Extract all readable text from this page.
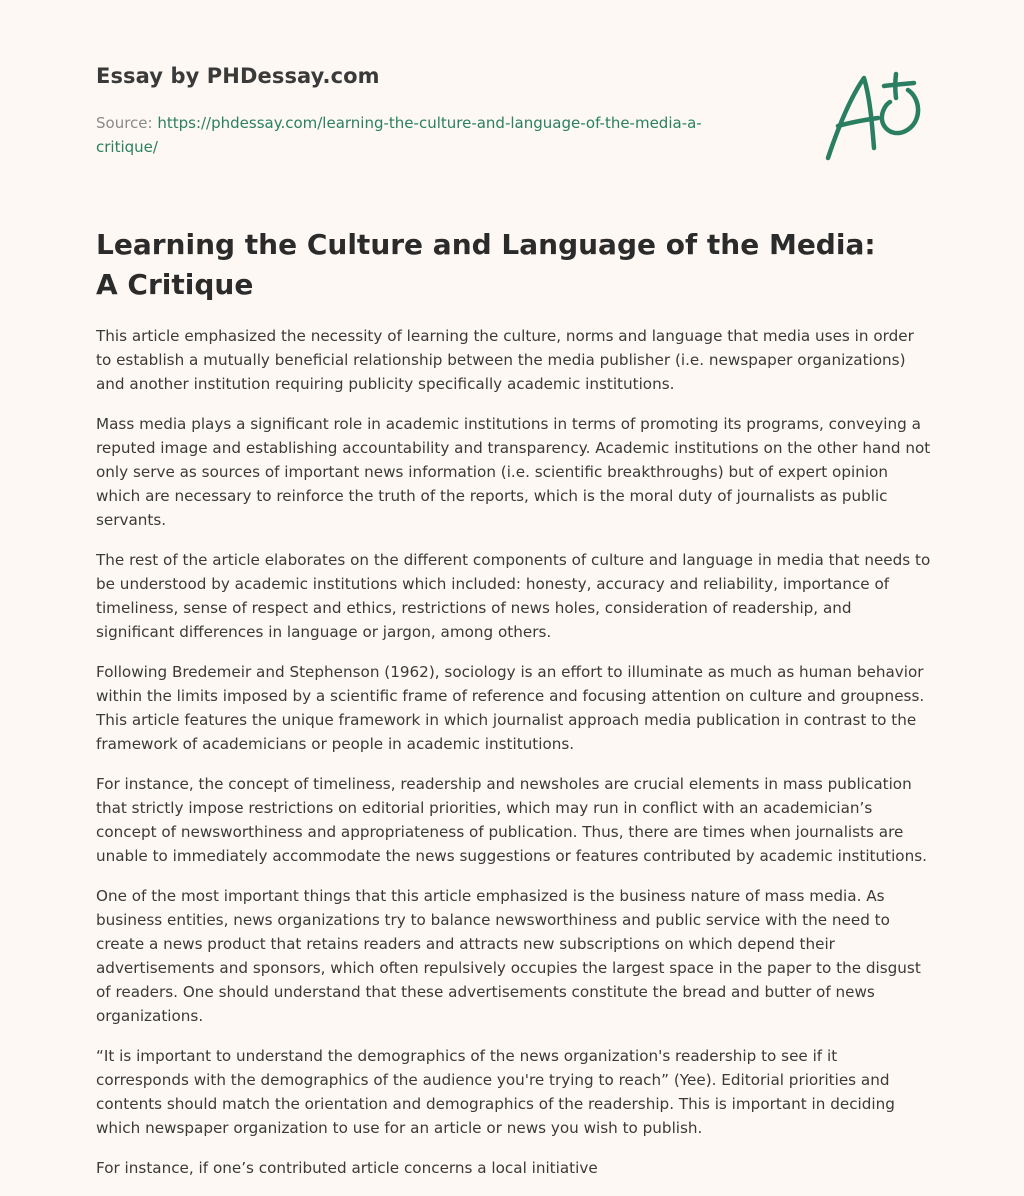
Essay by PHDessay.com
Source: https://phdessay.com/learning-the-culture-and-language-of-the-media-a-critique/
Learning the Culture and Language of the Media: A Critique

This article emphasized the necessity of learning the culture, norms and language that media uses in order to establish a mutually beneficial relationship between the media publisher (i.e. newspaper organizations) and another institution requiring publicity specifically academic institutions.

Mass media plays a significant role in academic institutions in terms of promoting its programs, conveying a reputed image and establishing accountability and transparency. Academic institutions on the other hand not only serve as sources of important news information (i.e. scientific breakthroughs) but of expert opinion which are necessary to reinforce the truth of the reports, which is the moral duty of journalists as public servants.

The rest of the article elaborates on the different components of culture and language in media that needs to be understood by academic institutions which included: honesty, accuracy and reliability, importance of timeliness, sense of respect and ethics, restrictions of news holes, consideration of readership, and significant differences in language or jargon, among others.

Following Bredemeir and Stephenson (1962), sociology is an effort to illuminate as much as human behavior within the limits imposed by a scientific frame of reference and focusing attention on culture and groupness. This article features the unique framework in which journalist approach media publication in contrast to the framework of academicians or people in academic institutions.

For instance, the concept of timeliness, readership and newsholes are crucial elements in mass publication that strictly impose restrictions on editorial priorities, which may run in conflict with an academician’s concept of newsworthiness and appropriateness of publication. Thus, there are times when journalists are unable to immediately accommodate the news suggestions or features contributed by academic institutions.

One of the most important things that this article emphasized is the business nature of mass media. As business entities, news organizations try to balance newsworthiness and public service with the need to create a news product that retains readers and attracts new subscriptions on which depend their advertisements and sponsors, which often repulsively occupies the largest space in the paper to the disgust of readers. One should understand that these advertisements constitute the bread and butter of news organizations.

“It is important to understand the demographics of the news organization's readership to see if it corresponds with the demographics of the audience you're trying to reach” (Yee). Editorial priorities and contents should match the orientation and demographics of the readership. This is important in deciding which newspaper organization to use for an article or news you wish to publish.

For instance, if one’s contributed article concerns a local initiative
